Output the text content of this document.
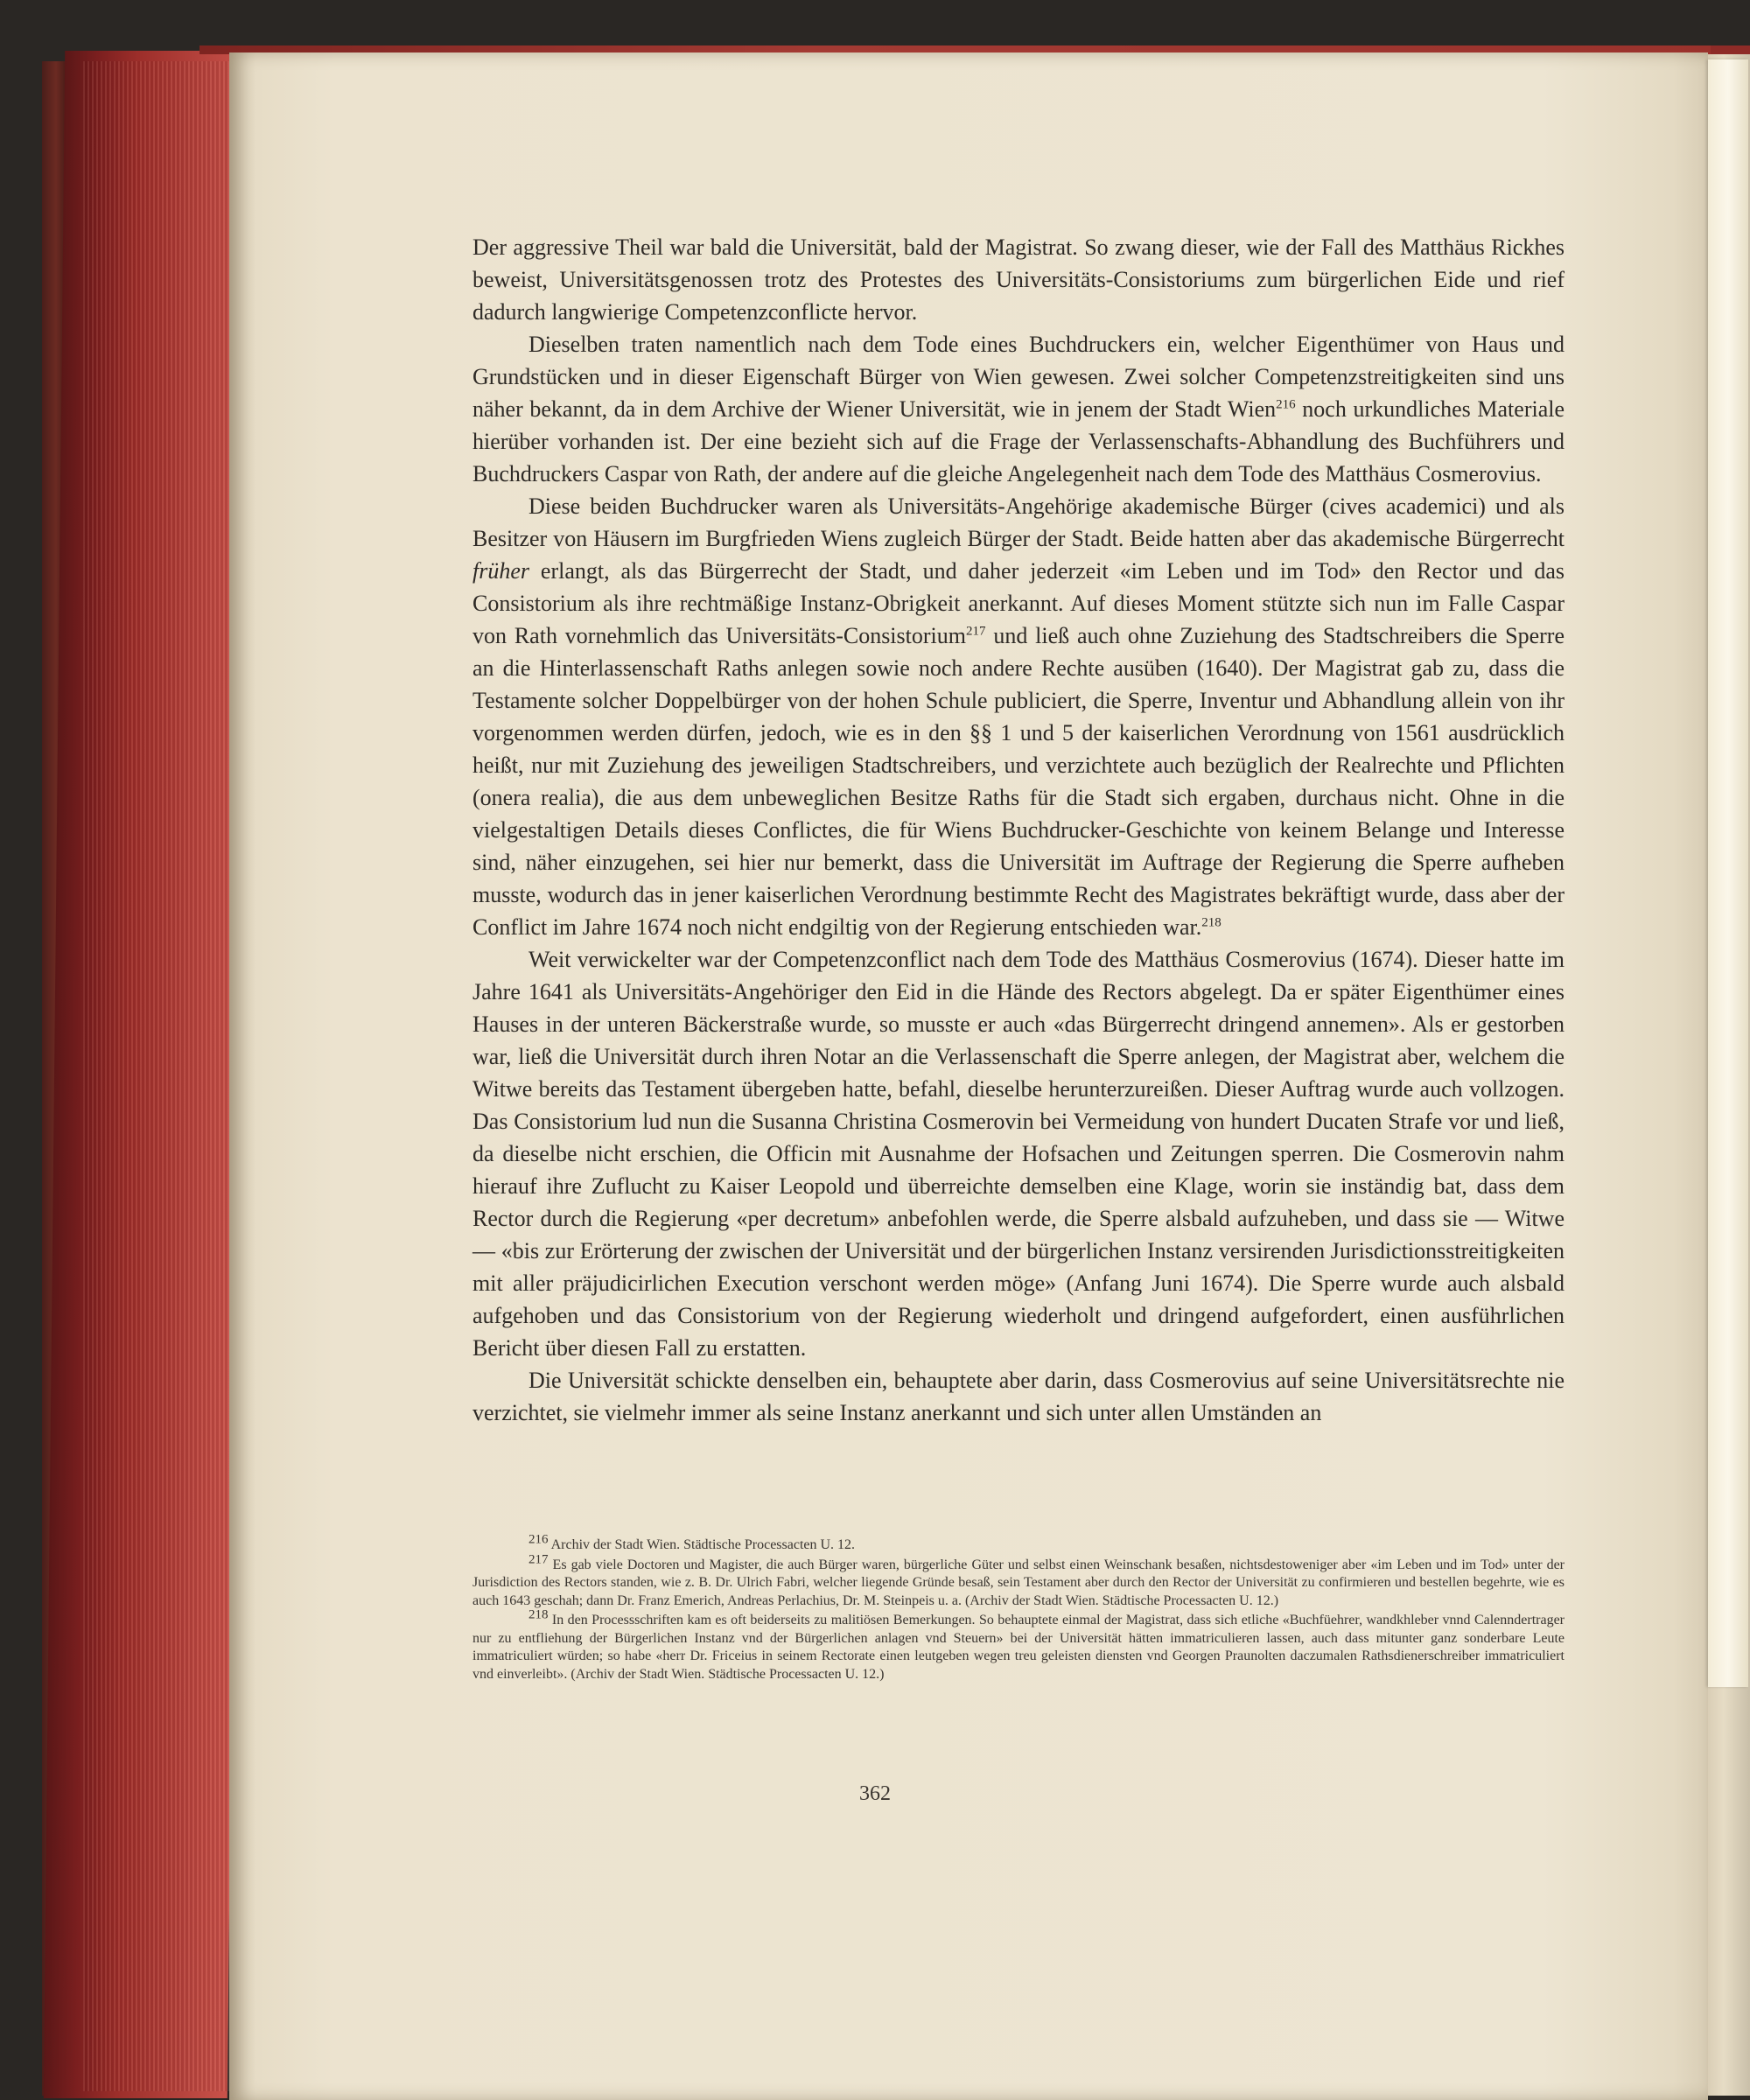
Der aggressive Theil war bald die Universität, bald der Magistrat. So zwang dieser, wie der Fall des Matthäus Rickhes beweist, Universitätsgenossen trotz des Protestes des Universitäts-Consistoriums zum bürgerlichen Eide und rief dadurch langwierige Competenzconflicte hervor.

Dieselben traten namentlich nach dem Tode eines Buchdruckers ein, welcher Eigenthümer von Haus und Grundstücken und in dieser Eigenschaft Bürger von Wien gewesen. Zwei solcher Competenzstreitigkeiten sind uns näher bekannt, da in dem Archive der Wiener Universität, wie in jenem der Stadt Wien$^{216}$ noch urkundliches Materiale hierüber vorhanden ist. Der eine bezieht sich auf die Frage der Verlassenschafts-Abhandlung des Buchführers und Buchdruckers Caspar von Rath, der andere auf die gleiche Angelegenheit nach dem Tode des Matthäus Cosmerovius.

Diese beiden Buchdrucker waren als Universitäts-Angehörige akademische Bürger (cives academici) und als Besitzer von Häusern im Burgfrieden Wiens zugleich Bürger der Stadt. Beide hatten aber das akademische Bürgerrecht früher erlangt, als das Bürgerrecht der Stadt, und daher jederzeit «im Leben und im Tod» den Rector und das Consistorium als ihre rechtmäßige Instanz-Obrigkeit anerkannt. Auf dieses Moment stützte sich nun im Falle Caspar von Rath vornehmlich das Universitäts-Consistorium$^{217}$ und ließ auch ohne Zuziehung des Stadtschreibers die Sperre an die Hinterlassenschaft Raths anlegen sowie noch andere Rechte ausüben (1640). Der Magistrat gab zu, dass die Testamente solcher Doppelbürger von der hohen Schule publiciert, die Sperre, Inventur und Abhandlung allein von ihr vorgenommen werden dürfen, jedoch, wie es in den §§ 1 und 5 der kaiserlichen Verordnung von 1561 ausdrücklich heißt, nur mit Zuziehung des jeweiligen Stadtschreibers, und verzichtete auch bezüglich der Realrechte und Pflichten (onera realia), die aus dem unbeweglichen Besitze Raths für die Stadt sich ergaben, durchaus nicht. Ohne in die vielgestaltigen Details dieses Conflictes, die für Wiens Buchdrucker-Geschichte von keinem Belange und Interesse sind, näher einzugehen, sei hier nur bemerkt, dass die Universität im Auftrage der Regierung die Sperre aufheben musste, wodurch das in jener kaiserlichen Verordnung bestimmte Recht des Magistrates bekräftigt wurde, dass aber der Conflict im Jahre 1674 noch nicht endgiltig von der Regierung entschieden war.$^{218}$

Weit verwickelter war der Competenzconflict nach dem Tode des Matthäus Cosmerovius (1674). Dieser hatte im Jahre 1641 als Universitäts-Angehöriger den Eid in die Hände des Rectors abgelegt. Da er später Eigenthümer eines Hauses in der unteren Bäckerstraße wurde, so musste er auch «das Bürgerrecht dringend annemen». Als er gestorben war, ließ die Universität durch ihren Notar an die Verlassenschaft die Sperre anlegen, der Magistrat aber, welchem die Witwe bereits das Testament übergeben hatte, befahl, dieselbe herunterzureißen. Dieser Auftrag wurde auch vollzogen. Das Consistorium lud nun die Susanna Christina Cosmerovin bei Vermeidung von hundert Ducaten Strafe vor und ließ, da dieselbe nicht erschien, die Officin mit Ausnahme der Hofsachen und Zeitungen sperren. Die Cosmerovin nahm hierauf ihre Zuflucht zu Kaiser Leopold und überreichte demselben eine Klage, worin sie inständig bat, dass dem Rector durch die Regierung «per decretum» anbefohlen werde, die Sperre alsbald aufzuheben, und dass sie — Witwe — «bis zur Erörterung der zwischen der Universität und der bürgerlichen Instanz versirenden Jurisdictionsstreitigkeiten mit aller präjudicirlichen Execution verschont werden möge» (Anfang Juni 1674). Die Sperre wurde auch alsbald aufgehoben und das Consistorium von der Regierung wiederholt und dringend aufgefordert, einen ausführlichen Bericht über diesen Fall zu erstatten.

Die Universität schickte denselben ein, behauptete aber darin, dass Cosmerovius auf seine Universitätsrechte nie verzichtet, sie vielmehr immer als seine Instanz anerkannt und sich unter allen Umständen an

$^{216}$ Archiv der Stadt Wien. Städtische Processacten U. 12.

$^{217}$ Es gab viele Doctoren und Magister, die auch Bürger waren, bürgerliche Güter und selbst einen Weinschank besaßen, nichtsdestoweniger aber «im Leben und im Tod» unter der Jurisdiction des Rectors standen, wie z. B. Dr. Ulrich Fabri, welcher liegende Gründe besaß, sein Testament aber durch den Rector der Universität zu confirmieren und bestellen begehrte, wie es auch 1643 geschah; dann Dr. Franz Emerich, Andreas Perlachius, Dr. M. Steinpeis u. a. (Archiv der Stadt Wien. Städtische Processacten U. 12.)

$^{218}$ In den Processschriften kam es oft beiderseits zu malitiösen Bemerkungen. So behauptete einmal der Magistrat, dass sich etliche «Buchfüehrer, wandkhleber vnnd Calenndertrager nur zu entfliehung der Bürgerlichen Instanz vnd der Bürgerlichen anlagen vnd Steuern» bei der Universität hätten immatriculieren lassen, auch dass mitunter ganz sonderbare Leute immatriculiert würden; so habe «herr Dr. Friceius in seinem Rectorate einen leutgeben wegen treu geleisten diensten vnd Georgen Praunolten daczumalen Rathsdienerschreiber immatriculiert vnd einverleibt». (Archiv der Stadt Wien. Städtische Processacten U. 12.)

362
